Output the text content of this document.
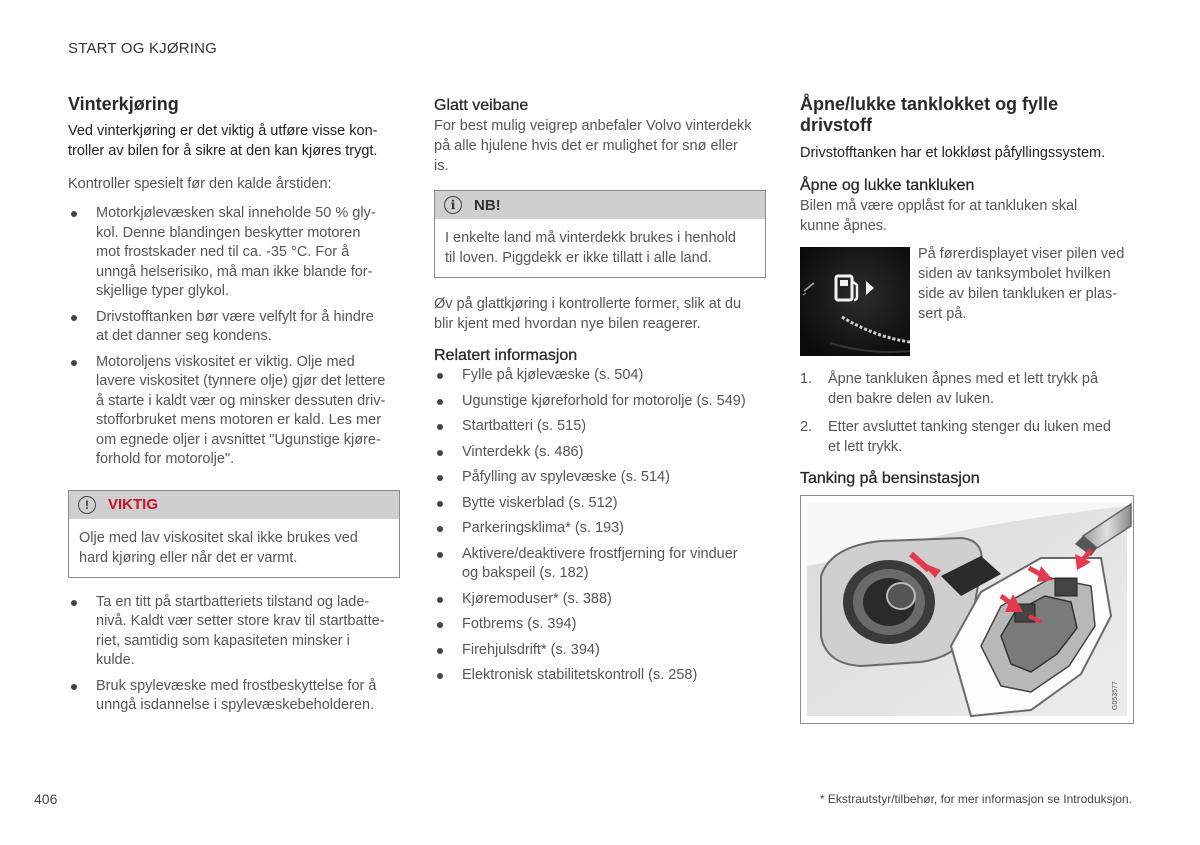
START OG KJØRING
Vinterkjøring
Ved vinterkjøring er det viktig å utføre visse kon-
troller av bilen for å sikre at den kan kjøres trygt.

Kontroller spesielt før den kalde årstiden:

Motorkjølevæsken skal inneholde 50 % gly-
kol. Denne blandingen beskytter motoren
mot frostskader ned til ca. -35 °C. For å
unngå helserisiko, må man ikke blande for-
skjellige typer glykol.
Drivstofftanken bør være velfylt for å hindre
at det danner seg kondens.
Motoroljens viskositet er viktig. Olje med
lavere viskositet (tynnere olje) gjør det lettere
å starte i kaldt vær og minsker dessuten driv-
stofforbruket mens motoren er kald. Les mer
om egnede oljer i avsnittet "Ugunstige kjøre-
forhold for motorolje".
!	VIKTIG
Olje med lav viskositet skal ikke brukes ved
hard kjøring eller når det er varmt.
Ta en titt på startbatteriets tilstand og lade-
nivå. Kaldt vær setter store krav til startbatte-
riet, samtidig som kapasiteten minsker i
kulde.
Bruk spylevæske med frostbeskyttelse for å
unngå isdannelse i spylevæskebeholderen.
Glatt veibane

For best mulig veigrep anbefaler Volvo vinterdekk

på alle hjulene hvis det er mulighet for snø eller

is.

i	NB!
I enkelte land må vinterdekk brukes i henhold
til loven. Piggdekk er ikke tillatt i alle land.

Øv på glattkjøring i kontrollerte former, slik at du

blir kjent med hvordan nye bilen reagerer.

Relatert informasjon
Fylle på kjølevæske (s. 504)
Ugunstige kjøreforhold for motorolje (s. 549)
Startbatteri (s. 515)
Vinterdekk (s. 486)
Påfylling av spylevæske (s. 514)
Bytte viskerblad (s. 512)
Parkeringsklima* (s. 193)
Aktivere/deaktivere frostfjerning for vinduer
og bakspeil (s. 182)
Kjøremoduser* (s. 388)
Fotbrems (s. 394)
Firehjulsdrift* (s. 394)
Elektronisk stabilitetskontroll (s. 258)
Åpne/lukke tanklokket og fylle
drivstoff
Drivstofftanken har et lokkløst påfyllingssystem.
Åpne og lukke tankluken

Bilen må være opplåst for at tankluken skal

kunne åpnes.

På førerdisplayet viser pilen ved

siden av tanksymbolet hvilken

side av bilen tankluken er plas-

sert på.

1. Åpne tankluken åpnes med et lett trykk på
den bakre delen av luken.
2. Etter avsluttet tanking stenger du luken med
et lett trykk.
Tanking på bensinstasjon
G053577
406	* Ekstrautstyr/tilbehør, for mer informasjon se Introduksjon.
